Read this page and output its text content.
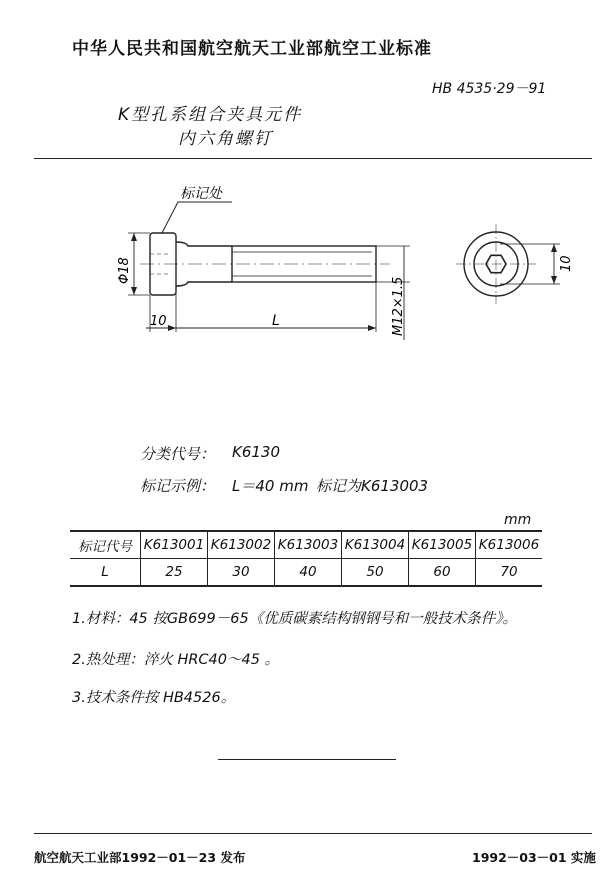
中华人民共和国航空航天工业部航空工业标准
HB 4535·29－91
K型孔系组合夹具元件
内六角螺钉
标记处
Φ18
10	L	M12×1.5
10
分类代号： K6130
标记示例： L＝40 mm 标记为K613003
mm
标记代号	K613001	K613002	K613003	K613004	K613005	K613006
L	25	30	40	50	60	70
1.材料：45 按GB699－65《优质碳素结构钢钢号和一般技术条件》。
2.热处理：淬火 HRC40～45 。
3.技术条件按 HB4526。
航空航天工业部1992－01－23 发布	1992－03－01 实施
